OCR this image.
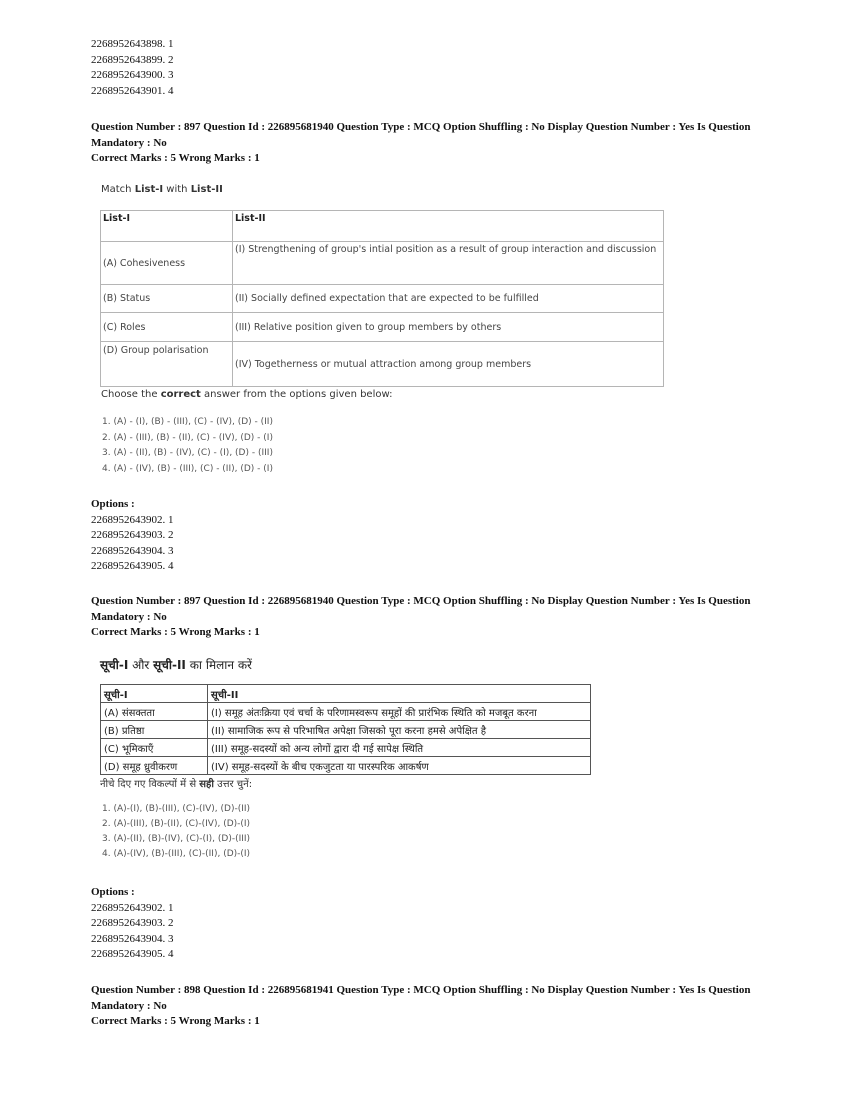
2268952643898. 1
2268952643899. 2
2268952643900. 3
2268952643901. 4
Question Number : 897 Question Id : 226895681940 Question Type : MCQ Option Shuffling : No Display Question Number : Yes Is Question Mandatory : No
Correct Marks : 5 Wrong Marks : 1
Match List-I with List-II
List-I	List-II
(A) Cohesiveness	(I) Strengthening of group's intial position as a result of group interaction and discussion
(B) Status	(II) Socially defined expectation that are expected to be fulfilled
(C) Roles	(III) Relative position given to group members by others
(D) Group polarisation	(IV) Togetherness or mutual attraction among group members
Choose the correct answer from the options given below:
1. (A) - (I), (B) - (III), (C) - (IV), (D) - (II)
2. (A) - (III), (B) - (II), (C) - (IV), (D) - (I)
3. (A) - (II), (B) - (IV), (C) - (I), (D) - (III)
4. (A) - (IV), (B) - (III), (C) - (II), (D) - (I)
Options :
2268952643902. 1
2268952643903. 2
2268952643904. 3
2268952643905. 4
Question Number : 897 Question Id : 226895681940 Question Type : MCQ Option Shuffling : No Display Question Number : Yes Is Question Mandatory : No
Correct Marks : 5 Wrong Marks : 1
सूची-I और सूची-II का मिलान करें
सूची-I	सूची-II
(A) संसक्तता	(I) समूह अंतःक्रिया एवं चर्चा के परिणामस्वरूप समूहों की प्रारंभिक स्थिति को मजबूत करना
(B) प्रतिष्ठा	(II) सामाजिक रूप से परिभाषित अपेक्षा जिसको पूरा करना हमसे अपेक्षित है
(C) भूमिकाएँ	(III) समूह-सदस्यों को अन्य लोगों द्वारा दी गई सापेक्ष स्थिति
(D) समूह ध्रुवीकरण	(IV) समूह-सदस्यों के बीच एकजुटता या पारस्परिक आकर्षण
नीचे दिए गए विकल्पों में से सही उत्तर चुनें:
1. (A)-(I), (B)-(III), (C)-(IV), (D)-(II)
2. (A)-(III), (B)-(II), (C)-(IV), (D)-(I)
3. (A)-(II), (B)-(IV), (C)-(I), (D)-(III)
4. (A)-(IV), (B)-(III), (C)-(II), (D)-(I)
Options :
2268952643902. 1
2268952643903. 2
2268952643904. 3
2268952643905. 4
Question Number : 898 Question Id : 226895681941 Question Type : MCQ Option Shuffling : No Display Question Number : Yes Is Question Mandatory : No
Correct Marks : 5 Wrong Marks : 1
